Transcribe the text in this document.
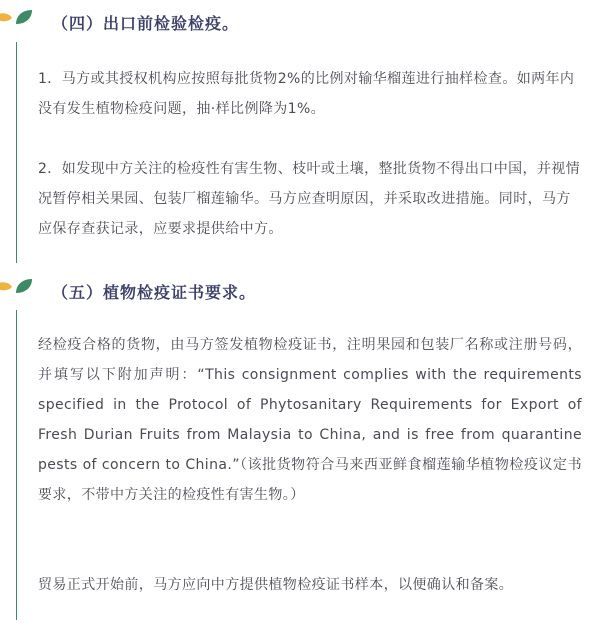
（四）出口前检验检疫。
1．马方或其授权机构应按照每批货物2%的比例对输华榴莲进行抽样检查。如两年内没有发生植物检疫问题，抽·样比例降为1%。
2．如发现中方关注的检疫性有害生物、枝叶或土壤，整批货物不得出口中国，并视情况暂停相关果园、包装厂榴莲输华。马方应查明原因，并采取改进措施。同时，马方应保存查获记录，应要求提供给中方。
（五）植物检疫证书要求。
经检疫合格的货物，由马方签发植物检疫证书，注明果园和包装厂名称或注册号码，并填写以下附加声明：“This consignment complies with the requirements specified in the Protocol of Phytosanitary Requirements for Export of Fresh Durian Fruits from Malaysia to China, and is free from quarantine pests of concern to China.”（该批货物符合马来西亚鲜食榴莲输华植物检疫议定书要求，不带中方关注的检疫性有害生物。）
贸易正式开始前，马方应向中方提供植物检疫证书样本，以便确认和备案。
